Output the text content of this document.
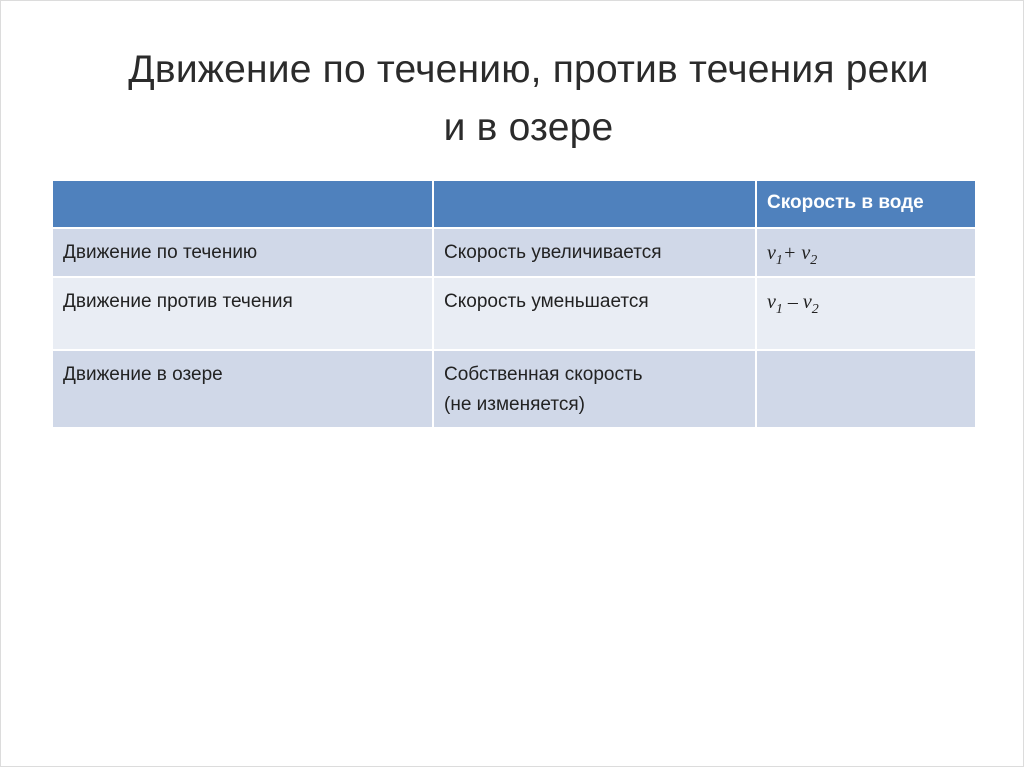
Движение по течению, против течения реки
и в озере
		Скорость в воде
Движение по течению	Скорость увеличивается	$v_1+ v_2$
Движение против течения	Скорость уменьшается	$v_1 - v_2$
Движение в озере	Собственная скорость
(не изменяется)	
